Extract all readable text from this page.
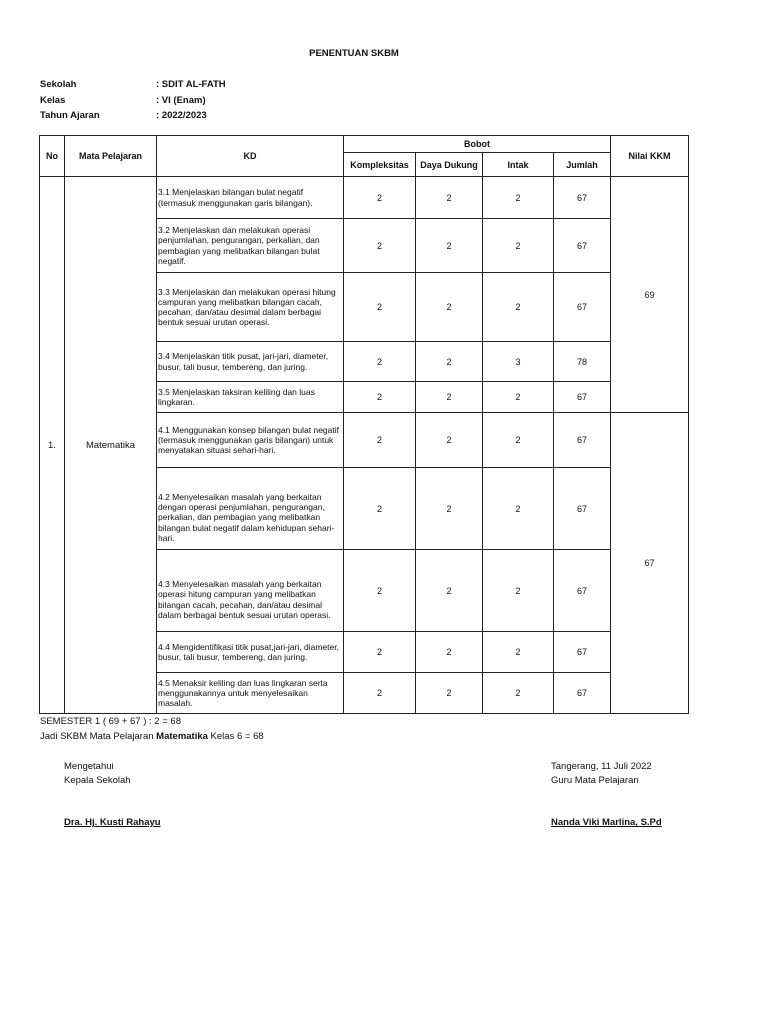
PENENTUAN SKBM
Sekolah	: SDIT AL-FATH
Kelas	: VI (Enam)
Tahun Ajaran	: 2022/2023
No	Mata Pelajaran	KD	Bobot				Nilai KKM
			Kompleksitas	Daya Dukung	Intak	Jumlah	
1.	Matematika	3.1 Menjelaskan bilangan bulat negatif (termasuk menggunakan garis bilangan).	2	2	2	67	69
		3.2 Menjelaskan dan melakukan operasi penjumlahan, pengurangan, perkalian, dan pembagian yang melibatkan bilangan bulat negatif.	2	2	2	67	
		3.3 Menjelaskan dan melakukan operasi hitung campuran yang melibatkan bilangan cacah, pecahan, dan/atau desimal dalam berbagai bentuk sesuai urutan operasi.	2	2	2	67	
		3.4 Menjelaskan titik pusat, jari-jari, diameter, busur, tali busur, tembereng, dan juring.	2	2	3	78	
		3.5 Menjelaskan taksiran keliling dan luas lingkaran.	2	2	2	67	
		4.1 Menggunakan konsep bilangan bulat negatif (termasuk menggunakan garis bilangan) untuk menyatakan situasi sehari-hari.	2	2	2	67	67
		4.2 Menyelesaikan masalah yang berkaitan dengan operasi penjumlahan, pengurangan, perkalian, dan pembagian yang melibatkan bilangan bulat negatif dalam kehidupan sehari-hari.	2	2	2	67	
		4.3 Menyelesaikan masalah yang berkaitan operasi hitung campuran yang melibatkan bilangan cacah, pecahan, dan/atau desimal dalam berbagai bentuk sesuai urutan operasi.	2	2	2	67	
		4.4 Mengidentifikasi titik pusat,jari-jari, diameter, busur, tali busur, tembereng, dan juring.	2	2	2	67	
		4.5 Menaksir keliling dan luas lingkaran serta menggunakannya untuk menyelesaikan masalah.	2	2	2	67	
SEMESTER 1 ( 69 + 67 ) : 2 = 68
Jadi SKBM Mata Pelajaran Matematika Kelas 6 = 68
Mengetahui
Kepala Sekolah
Dra. Hj. Kusti Rahayu
Tangerang, 11 Juli 2022
Guru Mata Pelajaran
Nanda Viki Marlina, S.Pd
